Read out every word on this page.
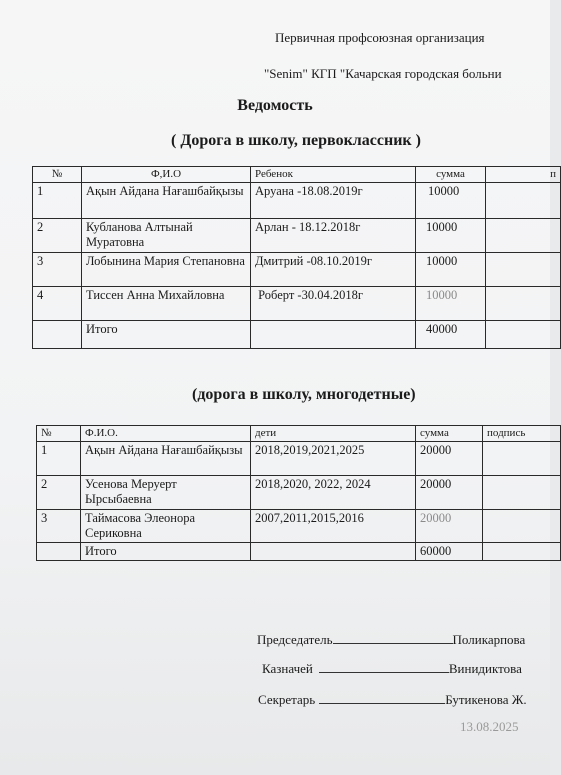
Первичная профсоюзная организация
"Senim" КГП "Качарская городская больни
Ведомость
( Дорога в школу, первоклассник )
№	Ф,И.О	Ребенок	сумма	п
1	Ақын Айдана Нағашбайқызы	Аруана -18.08.2019г	10000	
2	Кубланова Алтынай Муратовна	Арлан - 18.12.2018г	10000	
3	Лобынина Мария Степановна	Дмитрий -08.10.2019г	10000	
4	Тиссен Анна Михайловна	Роберт -30.04.2018г	10000	
	Итого		40000	
(дорога в школу, многодетные)
№	Ф.И.О.	дети	сумма	подпись
1	Ақын Айдана Нағашбайқызы	2018,2019,2021,2025	20000	
2	Усенова Меруерт Ырсыбаевна	2018,2020, 2022, 2024	20000	
3	Таймасова Элеонора Сериковна	2007,2011,2015,2016	20000	
	Итого		60000	
Председатель	Поликарпова
Казначей	Винидиктова
Секретарь	Бутикенова Ж.
13.08.2025
